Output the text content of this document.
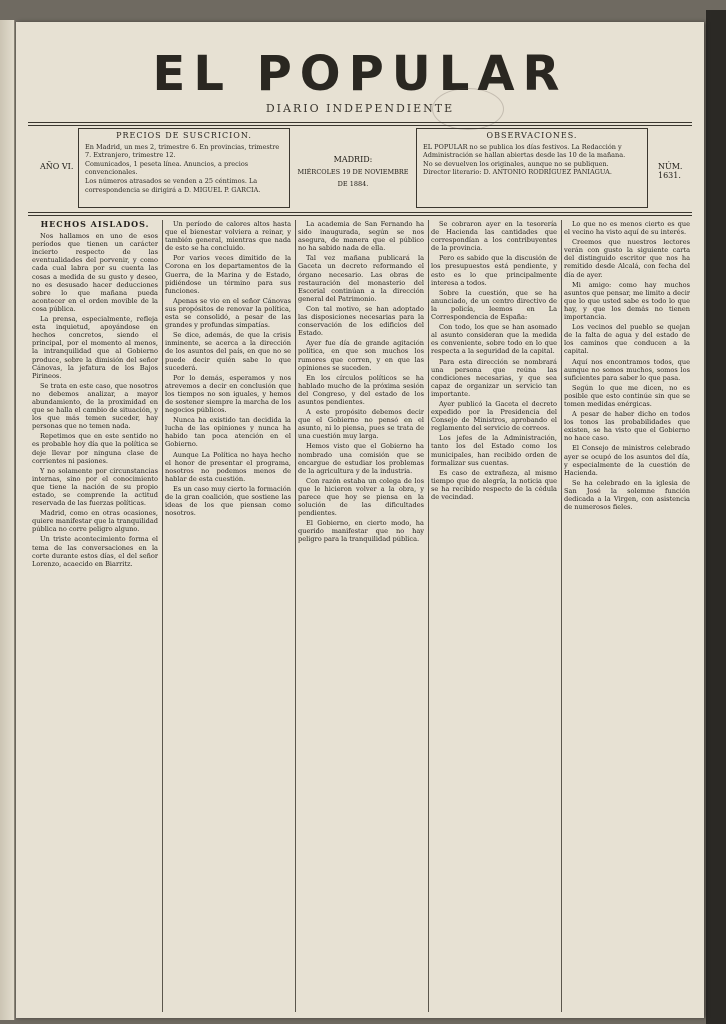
EL POPULAR
DIARIO INDEPENDIENTE
AÑO VI.	NÚM. 1631.
PRECIOS DE SUSCRICION.
En Madrid, un mes 2, trimestre 6. En provincias, trimestre 7. Extranjero, trimestre 12.
Comunicados, 1 peseta línea. Anuncios, a precios convencionales.
Los números atrasados se venden a 25 céntimos. La correspondencia se dirigirá a D. MIGUEL P. GARCIA.
MADRID:
MIÉRCOLES 19 DE NOVIEMBRE DE 1884.
OBSERVACIONES.
EL POPULAR no se publica los días festivos. La Redacción y Administración se hallan abiertas desde las 10 de la mañana.
No se devuelven los originales, aunque no se publiquen.
Director literario: D. ANTONIO RODRÍGUEZ PANIAGUA.
HECHOS AISLADOS.

Nos hallamos en uno de esos períodos que tienen un carácter incierto respecto de las eventualidades del porvenir, y como cada cual labra por su cuenta las cosas a medida de su gusto y deseo, no es desusado hacer deducciones sobre lo que mañana pueda acontecer en el orden movible de la cosa pública.

La prensa, especialmente, refleja esta inquietud, apoyándose en hechos concretos, siendo el principal, por el momento al menos, la intranquilidad que al Gobierno produce, sobre la dimisión del señor Cánovas, la jefatura de los Bajos Pirineos.

Se trata en este caso, que nosotros no debemos analizar, a mayor abundamiento, de la proximidad en que se halla el cambio de situación, y los que más temen suceder, hay personas que no temen nada.

Repetimos que en este sentido no es probable hoy día que la política se deje llevar por ninguna clase de corrientes ni pasiones.

Y no solamente por circunstancias internas, sino por el conocimiento que tiene la nación de su propio estado, se comprende la actitud reservada de las fuerzas políticas.

Madrid, como en otras ocasiones, quiere manifestar que la tranquilidad pública no corre peligro alguno.

Un triste acontecimiento forma el tema de las conversaciones en la corte durante estos días, el del señor Lorenzo, acaecido en Biarritz.

Un período de calores altos hasta que el bienestar volviera a reinar, y también general, mientras que nada de esto se ha concluido.

Por varios veces dimitido de la Corona en los departamentos de la Guerra, de la Marina y de Estado, pidiéndose un término para sus funciones.

Apenas se vio en el señor Cánovas sus propósitos de renovar la política, esta se consolidó, a pesar de las grandes y profundas simpatías.

Se dice, además, de que la crisis inminente, se acerca a la dirección de los asuntos del país, en que no se puede decir quién sabe lo que sucederá.

Por lo demás, esperamos y nos atrevemos a decir en conclusión que los tiempos no son iguales, y hemos de sostener siempre la marcha de los negocios públicos.

Nunca ha existido tan decidida la lucha de las opiniones y nunca ha habido tan poca atención en el Gobierno.

Aunque La Política no haya hecho el honor de presentar el programa, nosotros no podemos menos de hablar de esta cuestión.

Es un caso muy cierto la formación de la gran coalición, que sostiene las ideas de los que piensan como nosotros.

La academia de San Fernando ha sido inaugurada, según se nos asegura, de manera que el público no ha sabido nada de ella.

Tal vez mañana publicará la Gaceta un decreto reformando el órgano necesario. Las obras de restauración del monasterio del Escorial continúan a la dirección general del Patrimonio.

Con tal motivo, se han adoptado las disposiciones necesarias para la conservación de los edificios del Estado.

Ayer fue día de grande agitación política, en que son muchos los rumores que corren, y en que las opiniones se suceden.

En los círculos políticos se ha hablado mucho de la próxima sesión del Congreso, y del estado de los asuntos pendientes.

A este propósito debemos decir que el Gobierno no pensó en el asunto, ni lo piensa, pues se trata de una cuestión muy larga.

Hemos visto que el Gobierno ha nombrado una comisión que se encargue de estudiar los problemas de la agricultura y de la industria.

Con razón estaba un colega de los que le hicieron volver a la obra, y parece que hoy se piensa en la solución de las dificultades pendientes.

El Gobierno, en cierto modo, ha querido manifestar que no hay peligro para la tranquilidad pública.

Se cobraron ayer en la tesorería de Hacienda las cantidades que correspondían a los contribuyentes de la provincia.

Pero es sabido que la discusión de los presupuestos está pendiente, y esto es lo que principalmente interesa a todos.

Sobre la cuestión, que se ha anunciado, de un centro directivo de la policía, leemos en La Correspondencia de España:

Con todo, los que se han asomado al asunto consideran que la medida es conveniente, sobre todo en lo que respecta a la seguridad de la capital.

Para esta dirección se nombrará una persona que reúna las condiciones necesarias, y que sea capaz de organizar un servicio tan importante.

Ayer publicó la Gaceta el decreto expedido por la Presidencia del Consejo de Ministros, aprobando el reglamento del servicio de correos.

Los jefes de la Administración, tanto los del Estado como los municipales, han recibido orden de formalizar sus cuentas.

Es caso de extrañeza, al mismo tiempo que de alegría, la noticia que se ha recibido respecto de la cédula de vecindad.

Lo que no es menos cierto es que el vecino ha visto aquí de su interés.

Creemos que nuestros lectores verán con gusto la siguiente carta del distinguido escritor que nos ha remitido desde Alcalá, con fecha del día de ayer.

Mi amigo: como hay muchos asuntos que pensar, me limito a decir que lo que usted sabe es todo lo que hay, y que los demás no tienen importancia.

Los vecinos del pueblo se quejan de la falta de agua y del estado de los caminos que conducen a la capital.

Aquí nos encontramos todos, que aunque no somos muchos, somos los suficientes para saber lo que pasa.

Según lo que me dicen, no es posible que esto continúe sin que se tomen medidas enérgicas.

A pesar de haber dicho en todos los tonos las probabilidades que existen, se ha visto que el Gobierno no hace caso.

El Consejo de ministros celebrado ayer se ocupó de los asuntos del día, y especialmente de la cuestión de Hacienda.

Se ha celebrado en la iglesia de San José la solemne función dedicada a la Virgen, con asistencia de numerosos fieles.
